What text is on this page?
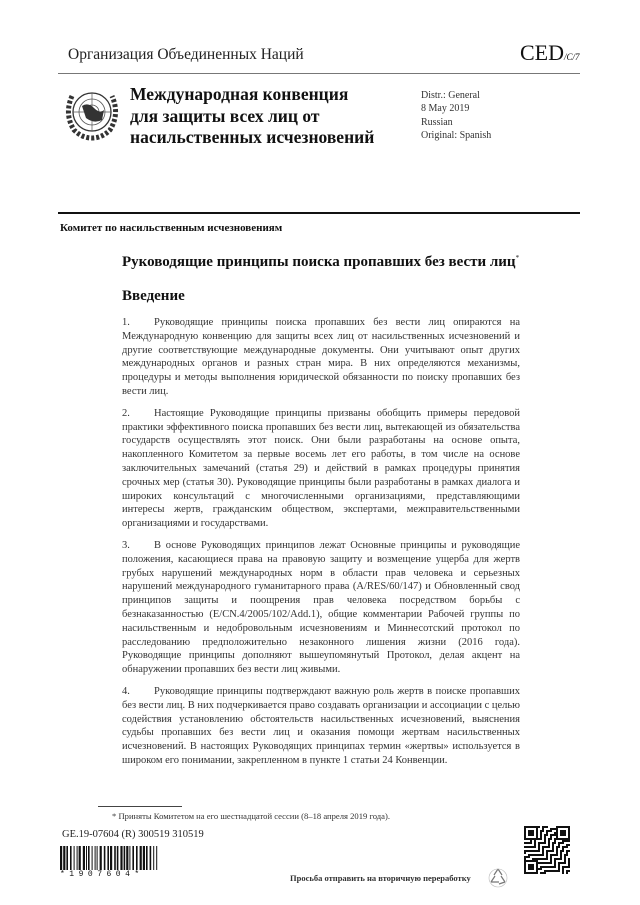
Организация Объединенных Наций	CED/C/7
Международная конвенция
для защиты всех лиц от
насильственных исчезновений
Distr.: General
8 May 2019
Russian
Original: Spanish
Комитет по насильственным исчезновениям
Руководящие принципы поиска пропавших без вести лиц*
Введение

1. Руководящие принципы поиска пропавших без вести лиц опираются на Международную конвенцию для защиты всех лиц от насильственных исчезновений и другие соответствующие международные документы. Они учитывают опыт других международных органов и разных стран мира. В них определяются механизмы, процедуры и методы выполнения юридической обязанности по поиску пропавших без вести лиц.

2. Настоящие Руководящие принципы призваны обобщить примеры передовой практики эффективного поиска пропавших без вести лиц, вытекающей из обязательства государств осуществлять этот поиск. Они были разработаны на основе опыта, накопленного Комитетом за первые восемь лет его работы, в том числе на основе заключительных замечаний (статья 29) и действий в рамках процедуры принятия срочных мер (статья 30). Руководящие принципы были разработаны в рамках диалога и широких консультаций с многочисленными организациями, представляющими интересы жертв, гражданским обществом, экспертами, межправительственными организациями и государствами.

3. В основе Руководящих принципов лежат Основные принципы и руководящие положения, касающиеся права на правовую защиту и возмещение ущерба для жертв грубых нарушений международных норм в области прав человека и серьезных нарушений международного гуманитарного права (A/RES/60/147) и Обновленный свод принципов защиты и поощрения прав человека посредством борьбы с безнаказанностью (E/CN.4/2005/102/Add.1), общие комментарии Рабочей группы по насильственным и недобровольным исчезновениям и Миннесотский протокол по расследованию предположительно незаконного лишения жизни (2016 года). Руководящие принципы дополняют вышеупомянутый Протокол, делая акцент на обнаружении пропавших без вести лиц живыми.

4. Руководящие принципы подтверждают важную роль жертв в поиске пропавших без вести лиц. В них подчеркивается право создавать организации и ассоциации с целью содействия установлению обстоятельств насильственных исчезновений, выяснения судьбы пропавших без вести лиц и оказания помощи жертвам насильственных исчезновений. В настоящих Руководящих принципах термин «жертвы» используется в широком его понимании, закрепленном в пункте 1 статьи 24 Конвенции.

* Приняты Комитетом на его шестнадцатой сессии (8–18 апреля 2019 года).
GE.19-07604 (R) 300519 310519
*1907604*	Просьба отправить на вторичную переработку
